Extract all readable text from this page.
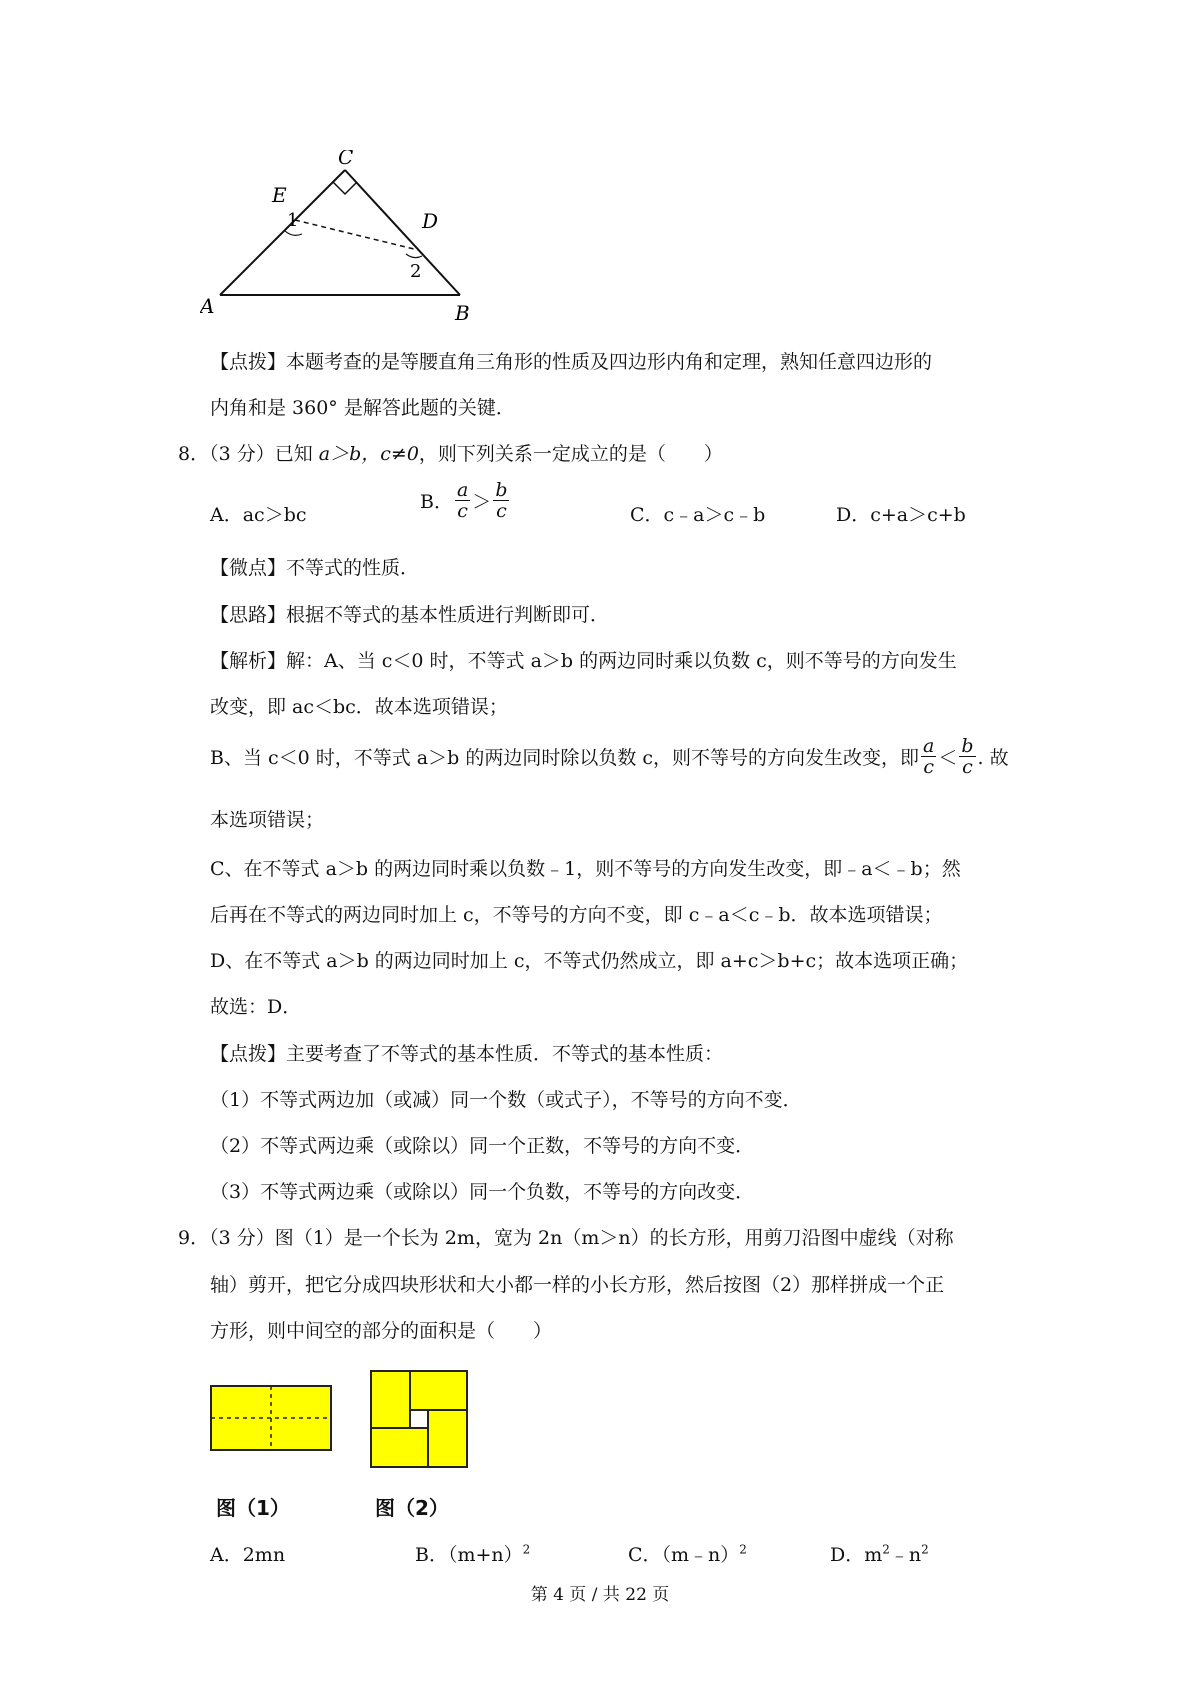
C
E
D
A	B
1
2
【点拨】本题考查的是等腰直角三角形的性质及四边形内角和定理，熟知任意四边形的
内角和是 360° 是解答此题的关键．
8．（3 分）已知 a＞b，c≠0，则下列关系一定成立的是（　　）
A．ac＞bc
B． $\frac{a}{c} > \frac{b}{c}$	C．c﹣a＞c﹣b	D．c+a＞c+b
【微点】不等式的性质．
【思路】根据不等式的基本性质进行判断即可．
【解析】解：A、当 c＜0 时，不等式 a＞b 的两边同时乘以负数 c，则不等号的方向发生
改变，即 ac＜bc．故本选项错误；
B、当 c＜0 时，不等式 a＞b 的两边同时除以负数 c，则不等号的方向发生改变，即 $\frac{a}{c} < \frac{b}{c}$ . 故
本选项错误；
C、在不等式 a＞b 的两边同时乘以负数﹣1，则不等号的方向发生改变，即﹣a＜﹣b；然
后再在不等式的两边同时加上 c，不等号的方向不变，即 c﹣a＜c﹣b．故本选项错误；
D、在不等式 a＞b 的两边同时加上 c，不等式仍然成立，即 a+c＞b+c；故本选项正确；
故选：D．
【点拨】主要考查了不等式的基本性质．不等式的基本性质：
（1）不等式两边加（或减）同一个数（或式子），不等号的方向不变．
（2）不等式两边乘（或除以）同一个正数，不等号的方向不变．
（3）不等式两边乘（或除以）同一个负数，不等号的方向改变．
9．（3 分）图（1）是一个长为 2m，宽为 2n（m＞n）的长方形，用剪刀沿图中虚线（对称
轴）剪开，把它分成四块形状和大小都一样的小长方形，然后按图（2）那样拼成一个正
方形，则中间空的部分的面积是（　　）
图（1）	图（2）
A．2mn	B．$(m+n)^2$	C．（m﹣n）$^2$	D．$m^2﹣n^2$
第 4 页 / 共 22 页
